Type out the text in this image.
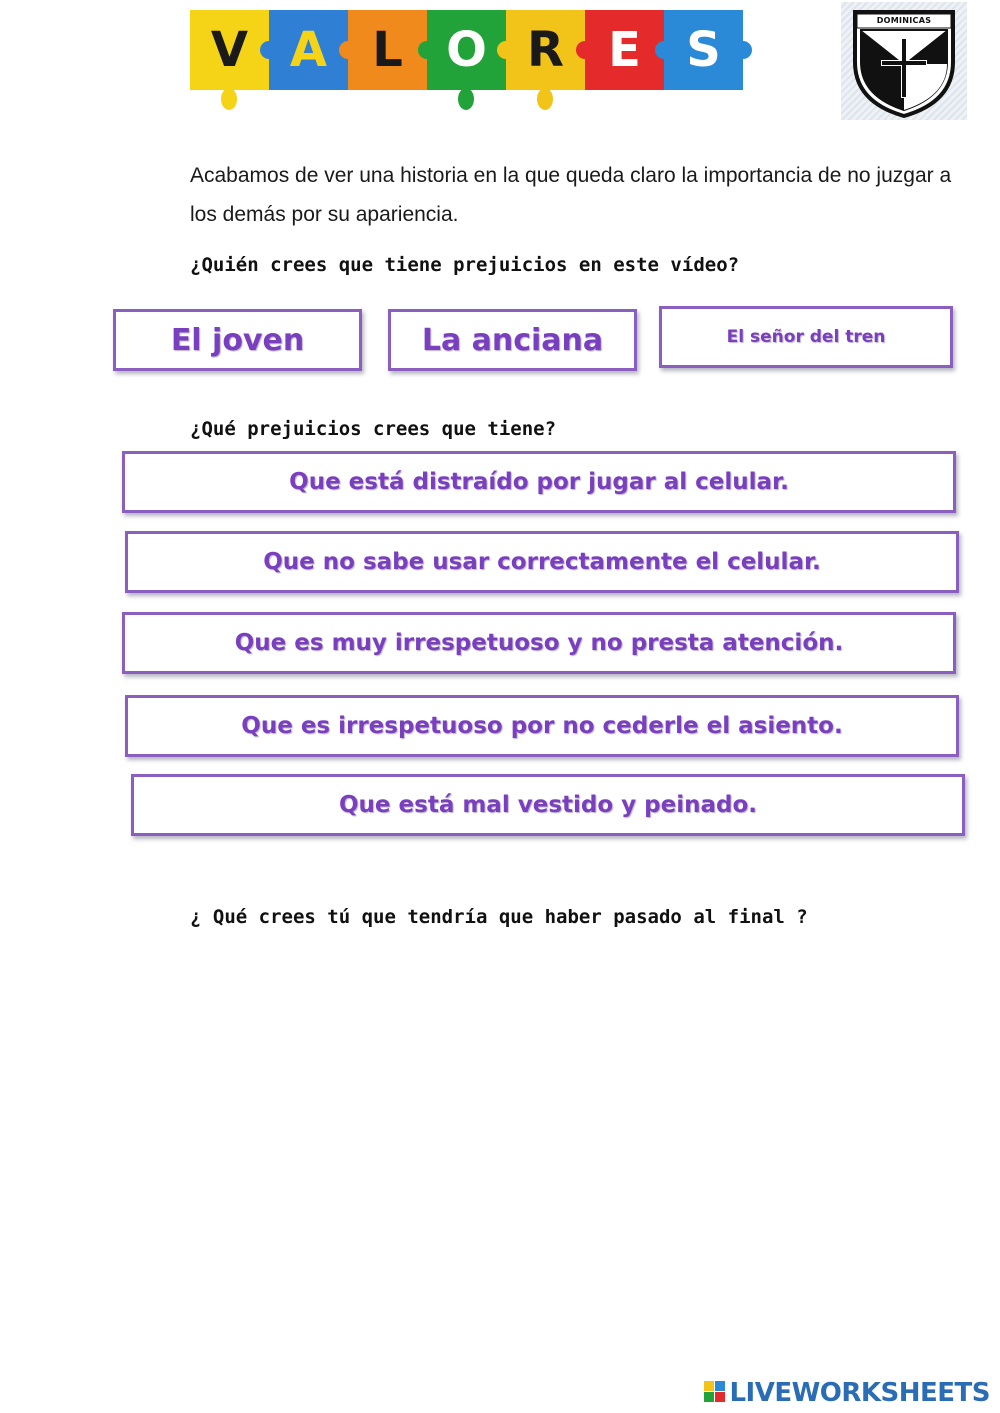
V A L O R E S
DOMINICAS
Acabamos de ver una historia en la que queda claro la importancia de no juzgar a los demás por su apariencia.
¿Quién crees que tiene prejuicios en este vídeo?
El joven	La anciana	El señor del tren
¿Qué prejuicios crees que tiene?
Que está distraído por jugar al celular.
Que no sabe usar correctamente el celular.
Que es muy irrespetuoso y no presta atención.
Que es irrespetuoso por no cederle el asiento.
Que está mal vestido y peinado.
¿ Qué crees tú que tendría que haber pasado al final ?
LIVEWORKSHEETS
